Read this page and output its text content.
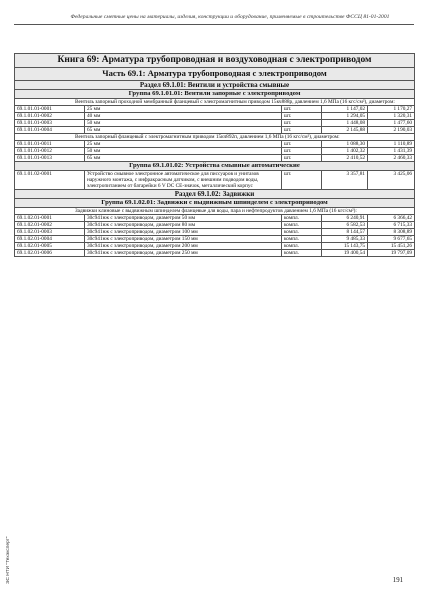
Федеральные сметные цены на материалы, изделия, конструкции и оборудование, применяемые в строительстве ФССЦ 81-01-2001
Книга 69: Арматура трубопроводная и воздуховодная с электроприводом				
Часть 69.1: Арматура трубопроводная с электроприводом				
Раздел 69.1.01: Вентили и устройства смывные				
Группа 69.1.01.01: Вентили запорные с электроприводом				
Вентиль запорный проходной мембранный фланцевый с электромагнитным приводом 15кч888р, давлением 1,6 МПа (16 кгс/см²), диаметром:				
69.1.01.01-0001	25 мм	шт.	1 147,02	1 170,27
69.1.01.01-0002	40 мм	шт.	1 294,05	1 320,31
69.1.01.01-0003	50 мм	шт.	1 448,08	1 477,60
69.1.01.01-0004	65 мм	шт.	2 145,88	2 190,03
Вентиль запорный фланцевый с электромагнитным приводом 15кч892п, давлением 1,6 МПа (16 кгс/см²), диаметром:				
69.1.01.01-0011	25 мм	шт.	1 088,30	1 110,89
69.1.01.01-0012	50 мм	шт.	1 402,32	1 431,39
69.1.01.01-0013	65 мм	шт.	2 410,52	2 460,33
Группа 69.1.01.02: Устройства смывные автоматические				
69.1.01.02-0001	Устройство смывное электронное автоматическое для писсуаров и унитазов наружного монтажа, с инфракрасным датчиком, с внешним подводом воды, электропитанием от батарейки 6 V DC CE-значок, металлический корпус	шт.	3 357,81	3 425,06
Раздел 69.1.02: Задвижки				
Группа 69.1.02.01: Задвижки с выдвижным шпинделем с электроприводом				
Задвижки клиновые с выдвижным шпинделем фланцевые для воды, пара и нефтепродуктов давлением 1,6 МПа (16 кгс/см²):				
69.1.02.01-0001	30с941нж с электроприводом, диаметром 50 мм	компл.	6 240,91	6 366,42
69.1.02.01-0002	30с941нж с электроприводом, диаметром 80 мм	компл.	6 582,53	6 715,33
69.1.02.01-0003	30с941нж с электроприводом, диаметром 100 мм	компл.	8 144,57	8 308,89
69.1.02.01-0004	30с941нж с электроприводом, диаметром 150 мм	компл.	9 485,33	9 677,65
69.1.02.01-0005	30с941нж с электроприводом, диаметром 200 мм	компл.	15 143,75	15 451,26
69.1.02.01-0006	30с941нж с электроприводом, диаметром 250 мм	компл.	19 400,54	19 797,09
ЭС НТИ "Техэксперт"	191
